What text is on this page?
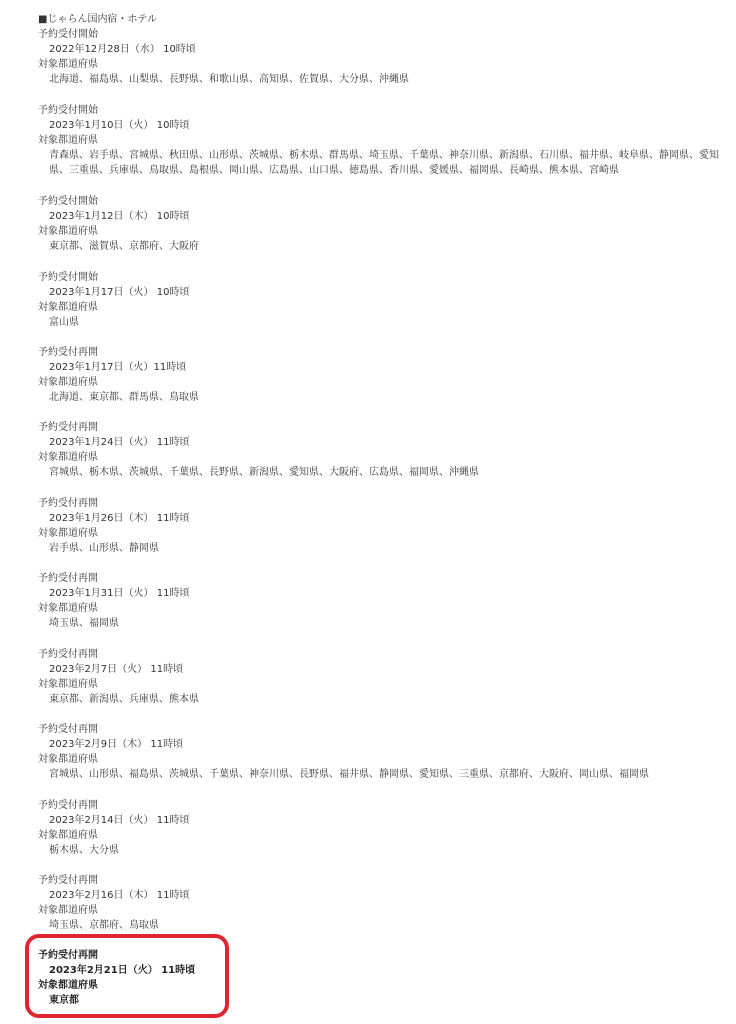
■じゃらん国内宿・ホテル
予約受付開始
2022年12月28日（水） 10時頃
対象都道府県
北海道、福島県、山梨県、長野県、和歌山県、高知県、佐賀県、大分県、沖縄県
予約受付開始
2023年1月10日（火） 10時頃
対象都道府県
青森県、岩手県、宮城県、秋田県、山形県、茨城県、栃木県、群馬県、埼玉県、千葉県、神奈川県、新潟県、石川県、福井県、岐阜県、静岡県、愛知県、三重県、兵庫県、鳥取県、島根県、岡山県、広島県、山口県、徳島県、香川県、愛媛県、福岡県、長崎県、熊本県、宮崎県
予約受付開始
2023年1月12日（木） 10時頃
対象都道府県
東京都、滋賀県、京都府、大阪府
予約受付開始
2023年1月17日（火） 10時頃
対象都道府県
富山県
予約受付再開
2023年1月17日（火）11時頃
対象都道府県
北海道、東京都、群馬県、鳥取県
予約受付再開
2023年1月24日（火） 11時頃
対象都道府県
宮城県、栃木県、茨城県、千葉県、長野県、新潟県、愛知県、大阪府、広島県、福岡県、沖縄県
予約受付再開
2023年1月26日（木） 11時頃
対象都道府県
岩手県、山形県、静岡県
予約受付再開
2023年1月31日（火） 11時頃
対象都道府県
埼玉県、福岡県
予約受付再開
2023年2月7日（火） 11時頃
対象都道府県
東京都、新潟県、兵庫県、熊本県
予約受付再開
2023年2月9日（木） 11時頃
対象都道府県
宮城県、山形県、福島県、茨城県、千葉県、神奈川県、長野県、福井県、静岡県、愛知県、三重県、京都府、大阪府、岡山県、福岡県
予約受付再開
2023年2月14日（火） 11時頃
対象都道府県
栃木県、大分県
予約受付再開
2023年2月16日（木） 11時頃
対象都道府県
埼玉県、京都府、鳥取県
予約受付再開
2023年2月21日（火） 11時頃
対象都道府県
東京都
